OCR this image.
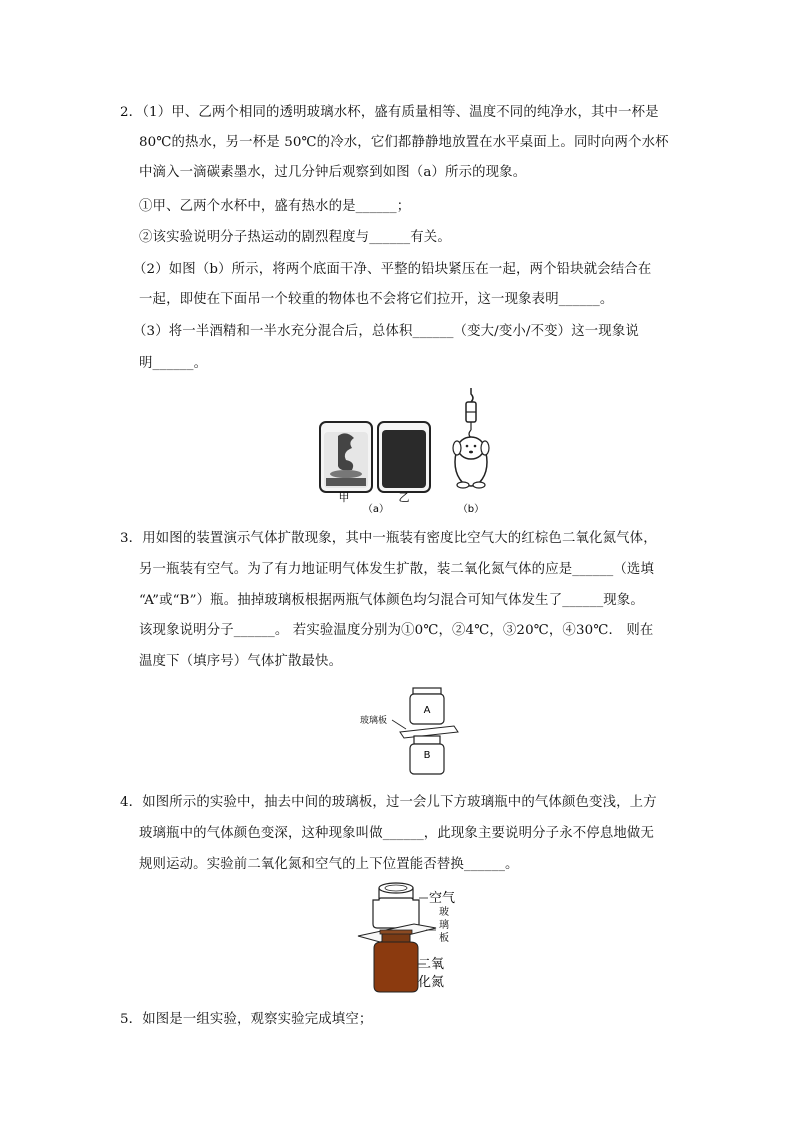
2．（1）甲、乙两个相同的透明玻璃水杯，盛有质量相等、温度不同的纯净水，其中一杯是
80℃的热水，另一杯是 50℃的冷水，它们都静静地放置在水平桌面上。同时向两个水杯
中滴入一滴碳素墨水，过几分钟后观察到如图（a）所示的现象。
①甲、乙两个水杯中，盛有热水的是______；
②该实验说明分子热运动的剧烈程度与______有关。
（2）如图（b）所示，将两个底面干净、平整的铅块紧压在一起，两个铅块就会结合在
一起，即使在下面吊一个较重的物体也不会将它们拉开，这一现象表明______。
（3）将一半酒精和一半水充分混合后，总体积______（变大/变小/不变）这一现象说
明______。
甲	乙
（a）	（b）
3．用如图的装置演示气体扩散现象，其中一瓶装有密度比空气大的红棕色二氧化氮气体，
另一瓶装有空气。为了有力地证明气体发生扩散，装二氧化氮气体的应是______（选填
“A”或“B”）瓶。抽掉玻璃板根据两瓶气体颜色均匀混合可知气体发生了______现象。
该现象说明分子______。 若实验温度分别为①0℃，②4℃，③20℃，④30℃． 则在
温度下（填序号）气体扩散最快。
玻璃板
A
B
4．如图所示的实验中，抽去中间的玻璃板，过一会儿下方玻璃瓶中的气体颜色变浅，上方
玻璃瓶中的气体颜色变深，这种现象叫做______，此现象主要说明分子永不停息地做无
规则运动。实验前二氧化氮和空气的上下位置能否替换______。
空气
玻
璃
板
二氧
化氮
5．如图是一组实验，观察实验完成填空；
